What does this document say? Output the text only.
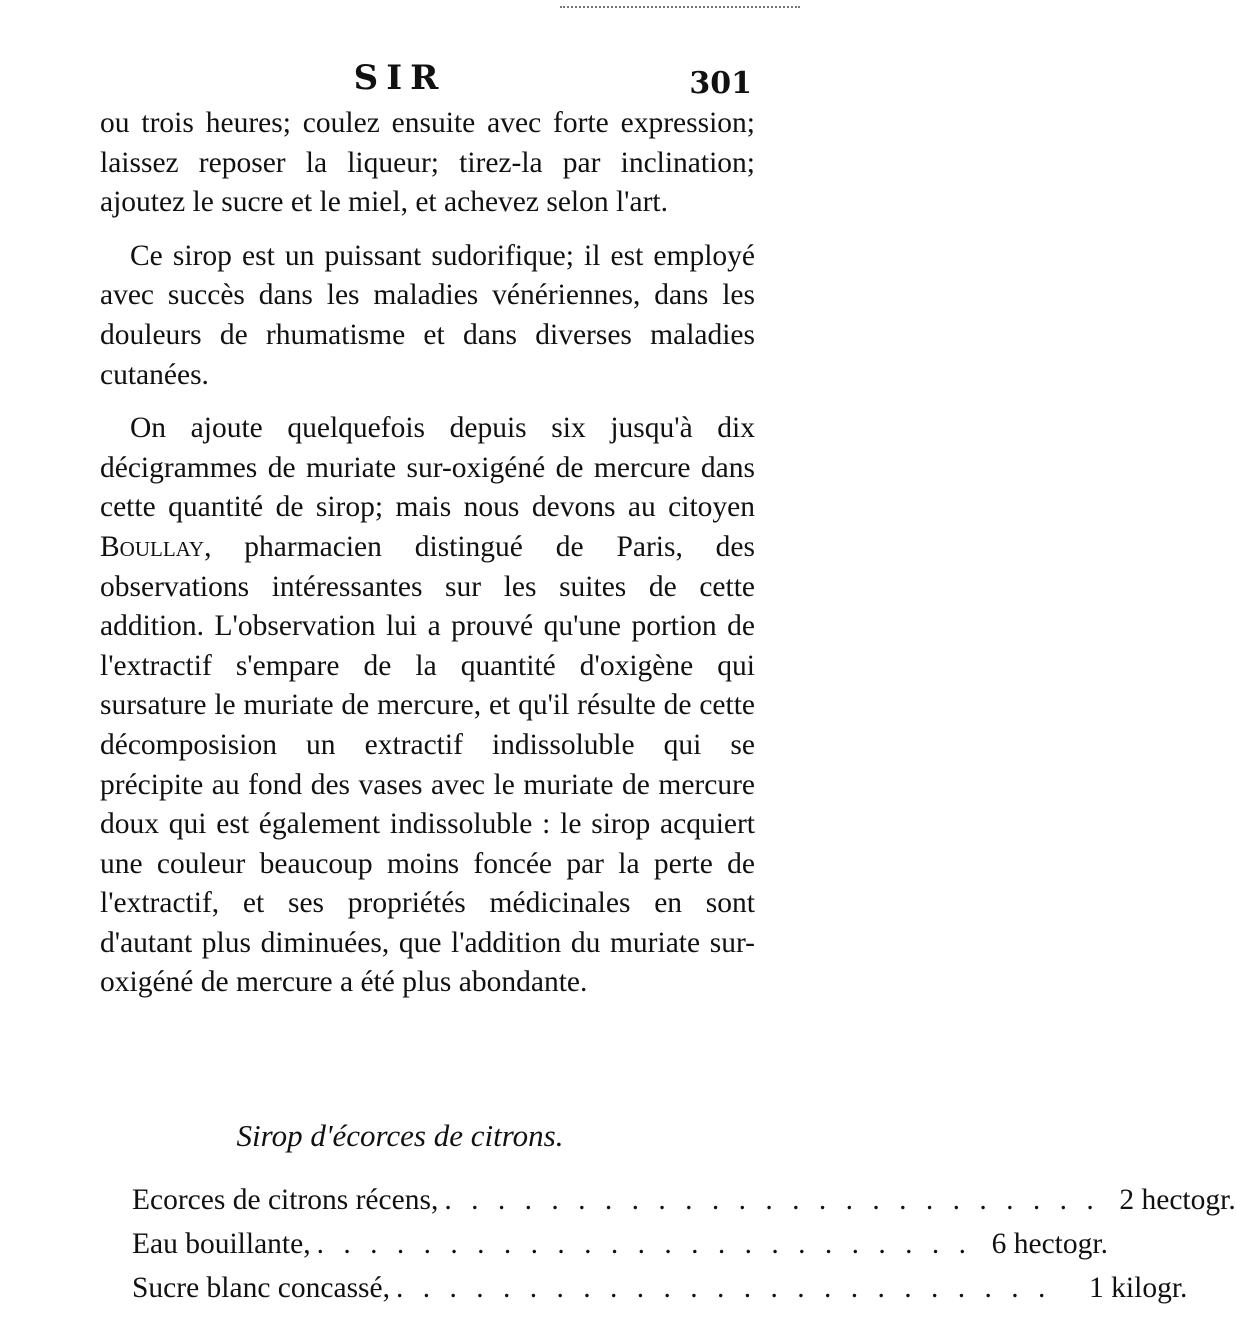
SIR	301

ou trois heures; coulez ensuite avec forte expression; laissez reposer la liqueur; tirez-la par inclination; ajoutez le sucre et le miel, et achevez selon l'art.

Ce sirop est un puissant sudorifique; il est employé avec succès dans les maladies vénériennes, dans les douleurs de rhumatisme et dans diverses maladies cutanées.

On ajoute quelquefois depuis six jusqu'à dix décigrammes de muriate sur-oxigéné de mercure dans cette quantité de sirop; mais nous devons au citoyen Boullay, pharmacien distingué de Paris, des observations intéressantes sur les suites de cette addition. L'observation lui a prouvé qu'une portion de l'extractif s'empare de la quantité d'oxigène qui sursature le muriate de mercure, et qu'il résulte de cette décomposision un extractif indissoluble qui se précipite au fond des vases avec le muriate de mercure doux qui est également indissoluble : le sirop acquiert une couleur beaucoup moins foncée par la perte de l'extractif, et ses propriétés médicinales en sont d'autant plus diminuées, que l'addition du muriate sur-oxigéné de mercure a été plus abondante.

Sirop d'écorces de citrons.
Ecorces de citrons récens, . . . . . . . . . . . . . . . . . . . . . . . . . 2 hectogr.
Eau bouillante, . . . . . . . . . . . . . . . . . . . . . . . . . 6 hectogr.
Sucre blanc concassé, . . . . . . . . . . . . . . . . . . . . . . . . .	1 kilogr.
